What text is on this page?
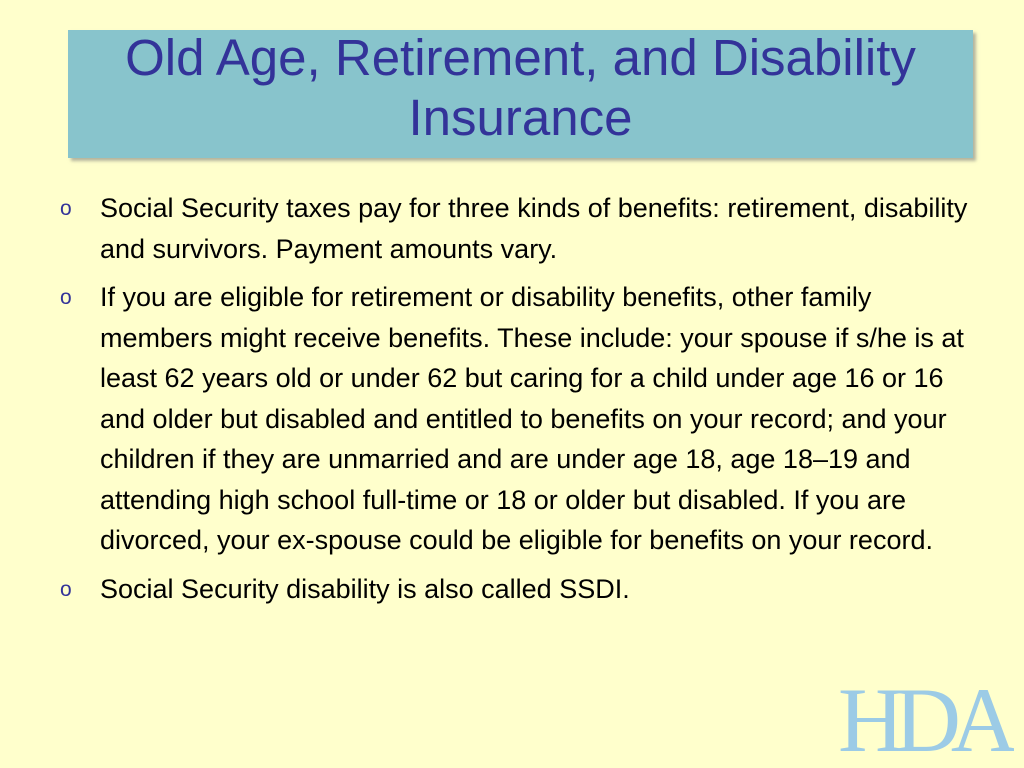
Old Age, Retirement, and Disability Insurance
o	Social Security taxes pay for three kinds of benefits: retirement, disability and survivors. Payment amounts vary.
o	If you are eligible for retirement or disability benefits, other family members might receive benefits. These include: your spouse if s/he is at least 62 years old or under 62 but caring for a child under age 16 or 16 and older but disabled and entitled to benefits on your record; and your children if they are unmarried and are under age 18, age 18–19 and attending high school full-time or 18 or older but disabled. If you are divorced, your ex-spouse could be eligible for benefits on your record.
o	Social Security disability is also called SSDI.
HDA
